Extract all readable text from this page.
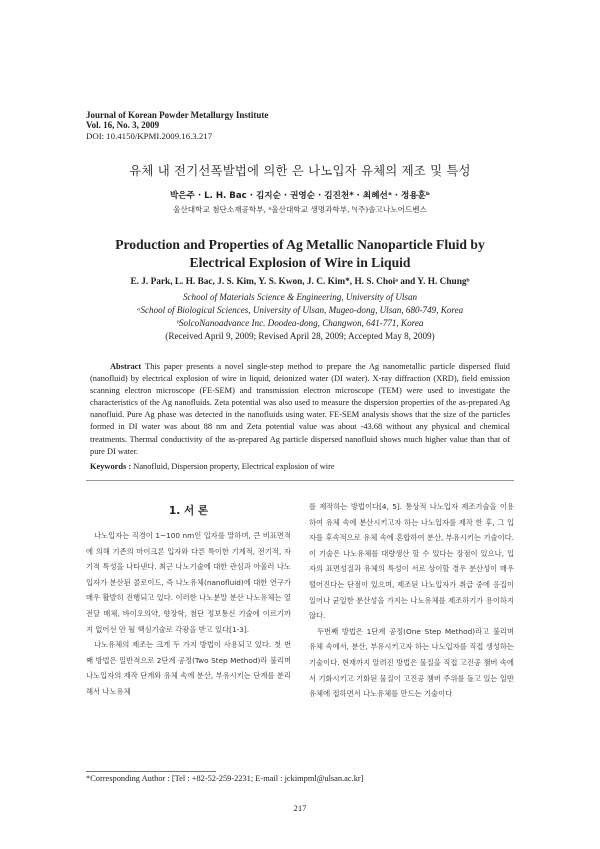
Journal of Korean Powder Metallurgy Institute
Vol. 16, No. 3, 2009
DOI: 10.4150/KPMI.2009.16.3.217
유체 내 전기선폭발법에 의한 은 나노입자 유체의 제조 및 특성
박은주 · L. H. Bac · 김지순 · 권영순 · 김진천* · 최혜선ᵃ · 정용훈ᵇ
울산대학교 첨단소재공학부, ᵃ울산대학교 생명과학부, ᵇ(주)솔고나노어드벤스
Production and Properties of Ag Metallic Nanoparticle Fluid by
Electrical Explosion of Wire in Liquid
E. J. Park, L. H. Bac, J. S. Kim, Y. S. Kwon, J. C. Kim*, H. S. Choiᵃ and Y. H. Chungᵇ
School of Materials Science & Engineering, University of Ulsan
ᵃSchool of Biological Sciences, University of Ulsan, Mugeo-dong, Ulsan, 680-749, Korea
ᵇSolcoNanoadvance Inc. Doodea-dong, Changwon, 641-771, Korea
(Received April 9, 2009; Revised April 28, 2009; Accepted May 8, 2009)
Abstract This paper presents a novel single-step method to prepare the Ag nanometallic particle dispersed fluid (nanofluid) by electrical explosion of wire in liquid, deionized water (DI water). X-ray diffraction (XRD), field emission scanning electron microscope (FE-SEM) and transmission electron microscope (TEM) were used to investigate the characteristics of the Ag nanofluids. Zeta potential was also used to measure the dispersion properties of the as-prepared Ag nanofluid. Pure Ag phase was detected in the nanofluids using water. FE-SEM analysis shows that the size of the particles formed in DI water was about 88 nm and Zeta potential value was about -43.68 without any physical and chemical treatments. Thermal conductivity of the as-prepared Ag particle dispersed nanofluid shows much higher value than that of pure DI water.
Keywords : Nanofluid, Dispersion property, Electrical explosion of wire
1. 서 론

나노입자는 직경이 1~100 nm인 입자를 말하며, 큰 비표면적에 의해 기존의 마이크론 입자와 다른 특이한 기계적, 전기적, 자기적 특성을 나타낸다. 최근 나노기술에 대한 관심과 아울러 나노입자가 분산된 콜로이드, 즉 나노유체(nanofluid)에 대한 연구가 매우 활발히 진행되고 있다. 이러한 나노분말 분산 나노유체는 열전달 매체, 바이오의약, 향장학, 첨단 정보통신 기술에 이르기까지 없어선 안 될 핵심기술로 각광을 받고 있다[1-3].

나노유체의 제조는 크게 두 가지 방법이 사용되고 있다. 첫 번째 방법은 일반적으로 2단계 공정(Two Step Method)라 불리며 나노입자의 제작 단계와 유체 속에 분산, 부유시키는 단계를 분리해서 나노유체

를 제작하는 방법이다[4, 5]. 통상적 나노입자 제조기술을 이용하여 유체 속에 분산시키고자 하는 나노입자를 제작 한 후, 그 입자를 후속적으로 유체 속에 혼합하여 분산, 부유시키는 기술이다. 이 기술은 나노유체를 대량생산 할 수 있다는 장점이 있으나, 입자의 표면성질과 유체의 특성이 서로 상이할 경우 분산성이 매우 떨어진다는 단점이 있으며, 제조된 나노입자가 취급 중에 응집이 일어나 균일한 분산성을 가지는 나노유체를 제조하기가 용이하지 않다.

두번째 방법은 1단계 공정(One Step Method)라고 불리며 유체 속에서, 분산, 부유시키고자 하는 나노입자를 직접 생성하는 기술이다. 현재까지 알려진 방법은 물질을 직접 고진공 챔버 속에서 기화시키고 기화된 물질이 고진공 챔버 주위를 돌고 있는 일반 유체에 접하면서 나노유체를 만드는 기술이다

*Corresponding Author : [Tel : +82-52-259-2231; E-mail : jckimpml@ulsan.ac.kr]
217
